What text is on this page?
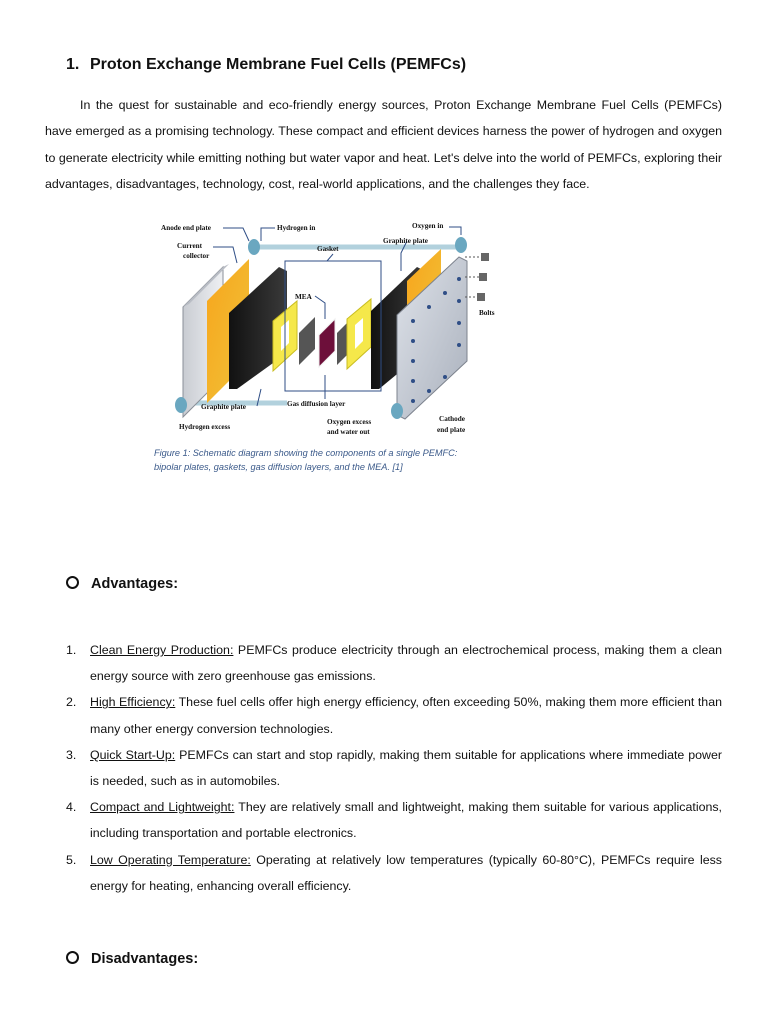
1. Proton Exchange Membrane Fuel Cells (PEMFCs)

In the quest for sustainable and eco-friendly energy sources, Proton Exchange Membrane Fuel Cells (PEMFCs) have emerged as a promising technology. These compact and efficient devices harness the power of hydrogen and oxygen to generate electricity while emitting nothing but water vapor and heat. Let's delve into the world of PEMFCs, exploring their advantages, disadvantages, technology, cost, real-world applications, and the challenges they face.

Anode end plate	Hydrogen in	Oxygen in
Current
collector
Gasket
Graphite plate
MEA
Bolts
Graphite plate	Gas diffusion layer
Hydrogen excess
Oxygen excess
and water out
Cathode
end plate

Figure 1: Schematic diagram showing the components of a single PEMFC:
bipolar plates, gaskets, gas diffusion layers, and the MEA. [1]

Advantages:
1. Clean Energy Production: PEMFCs produce electricity through an electrochemical process, making them a clean energy source with zero greenhouse gas emissions.
2. High Efficiency: These fuel cells offer high energy efficiency, often exceeding 50%, making them more efficient than many other energy conversion technologies.
3. Quick Start-Up: PEMFCs can start and stop rapidly, making them suitable for applications where immediate power is needed, such as in automobiles.
4. Compact and Lightweight: They are relatively small and lightweight, making them suitable for various applications, including transportation and portable electronics.
5. Low Operating Temperature: Operating at relatively low temperatures (typically 60-80°C), PEMFCs require less energy for heating, enhancing overall efficiency.
Disadvantages:
